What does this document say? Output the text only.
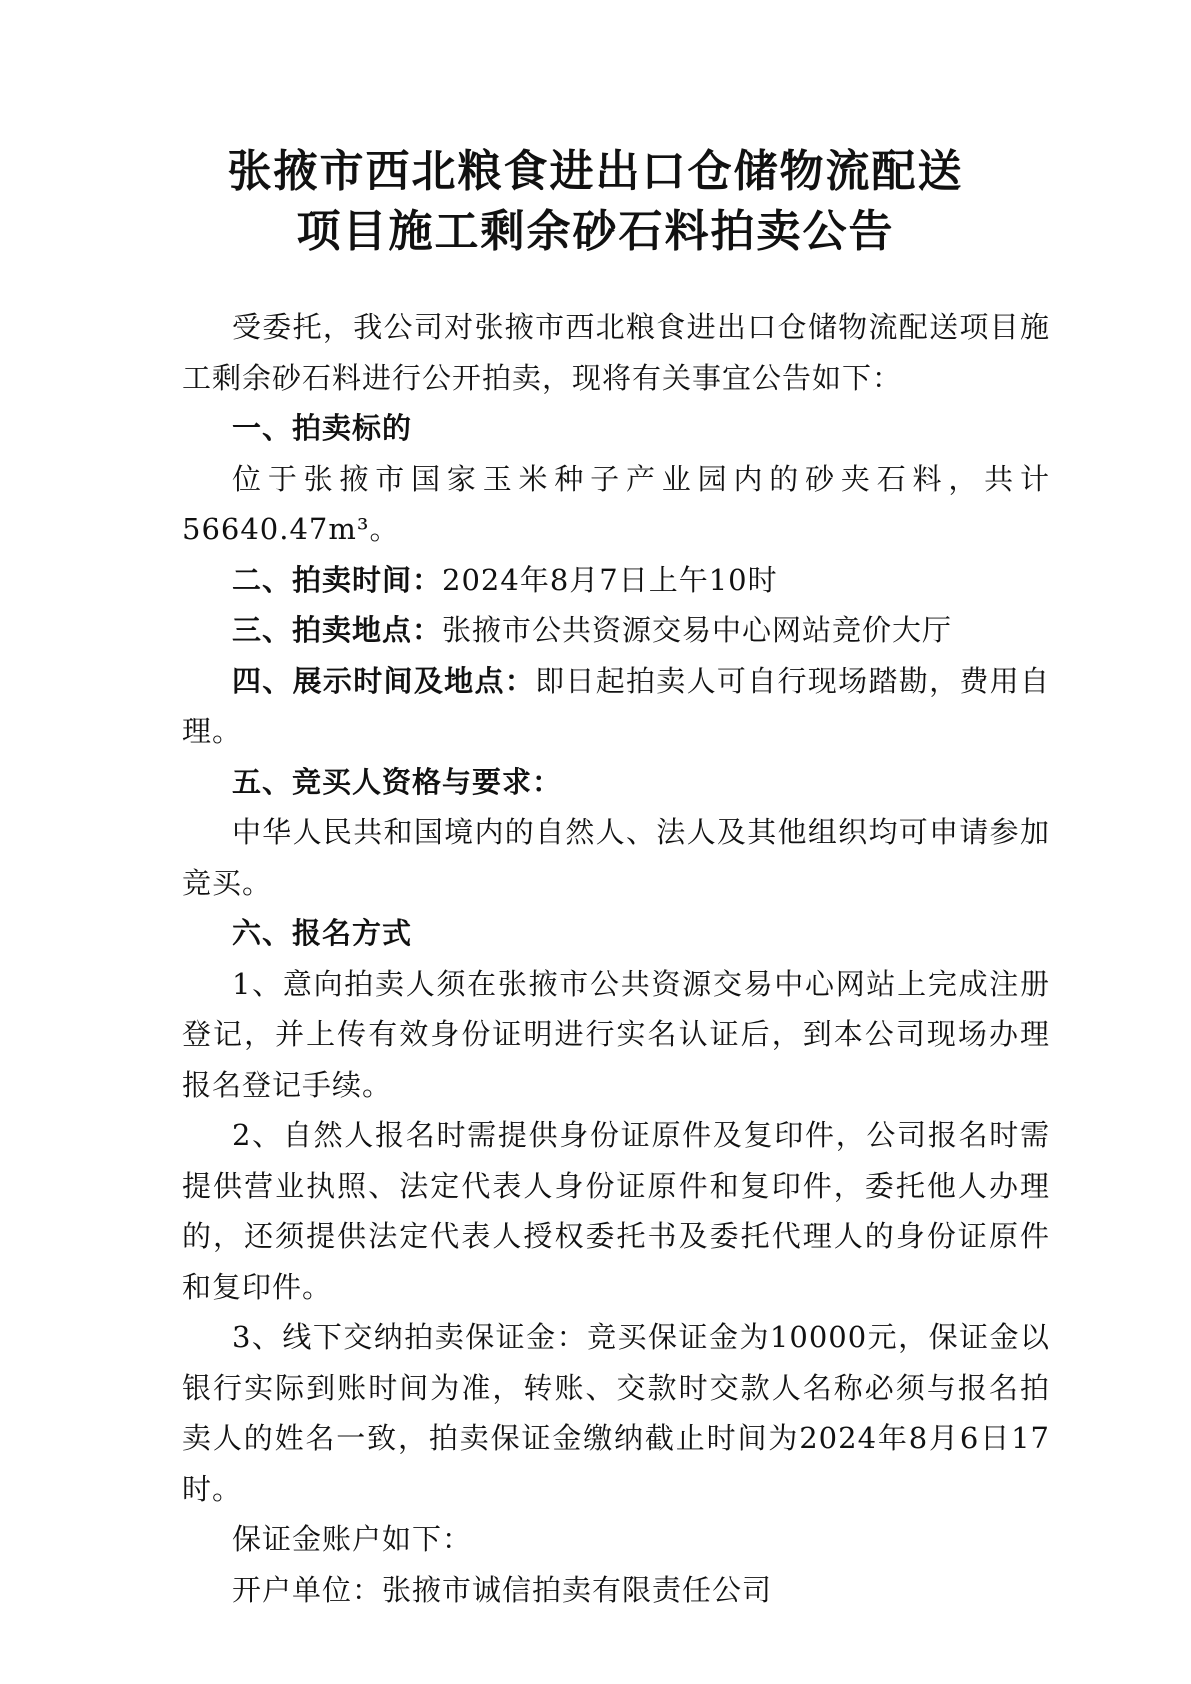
张掖市西北粮食进出口仓储物流配送
项目施工剩余砂石料拍卖公告

受委托，我公司对张掖市西北粮食进出口仓储物流配送项目施工剩余砂石料进行公开拍卖，现将有关事宜公告如下：

一、拍卖标的

位于张掖市国家玉米种子产业园内的砂夹石料，共计56640.47m³。

二、拍卖时间：2024年8月7日上午10时

三、拍卖地点：张掖市公共资源交易中心网站竞价大厅

四、展示时间及地点：即日起拍卖人可自行现场踏勘，费用自理。

五、竞买人资格与要求：

中华人民共和国境内的自然人、法人及其他组织均可申请参加竞买。

六、报名方式

1、意向拍卖人须在张掖市公共资源交易中心网站上完成注册登记，并上传有效身份证明进行实名认证后，到本公司现场办理报名登记手续。

2、自然人报名时需提供身份证原件及复印件，公司报名时需提供营业执照、法定代表人身份证原件和复印件，委托他人办理的，还须提供法定代表人授权委托书及委托代理人的身份证原件和复印件。

3、线下交纳拍卖保证金：竞买保证金为10000元，保证金以银行实际到账时间为准，转账、交款时交款人名称必须与报名拍卖人的姓名一致，拍卖保证金缴纳截止时间为2024年8月6日17时。

保证金账户如下：

开户单位：张掖市诚信拍卖有限责任公司
